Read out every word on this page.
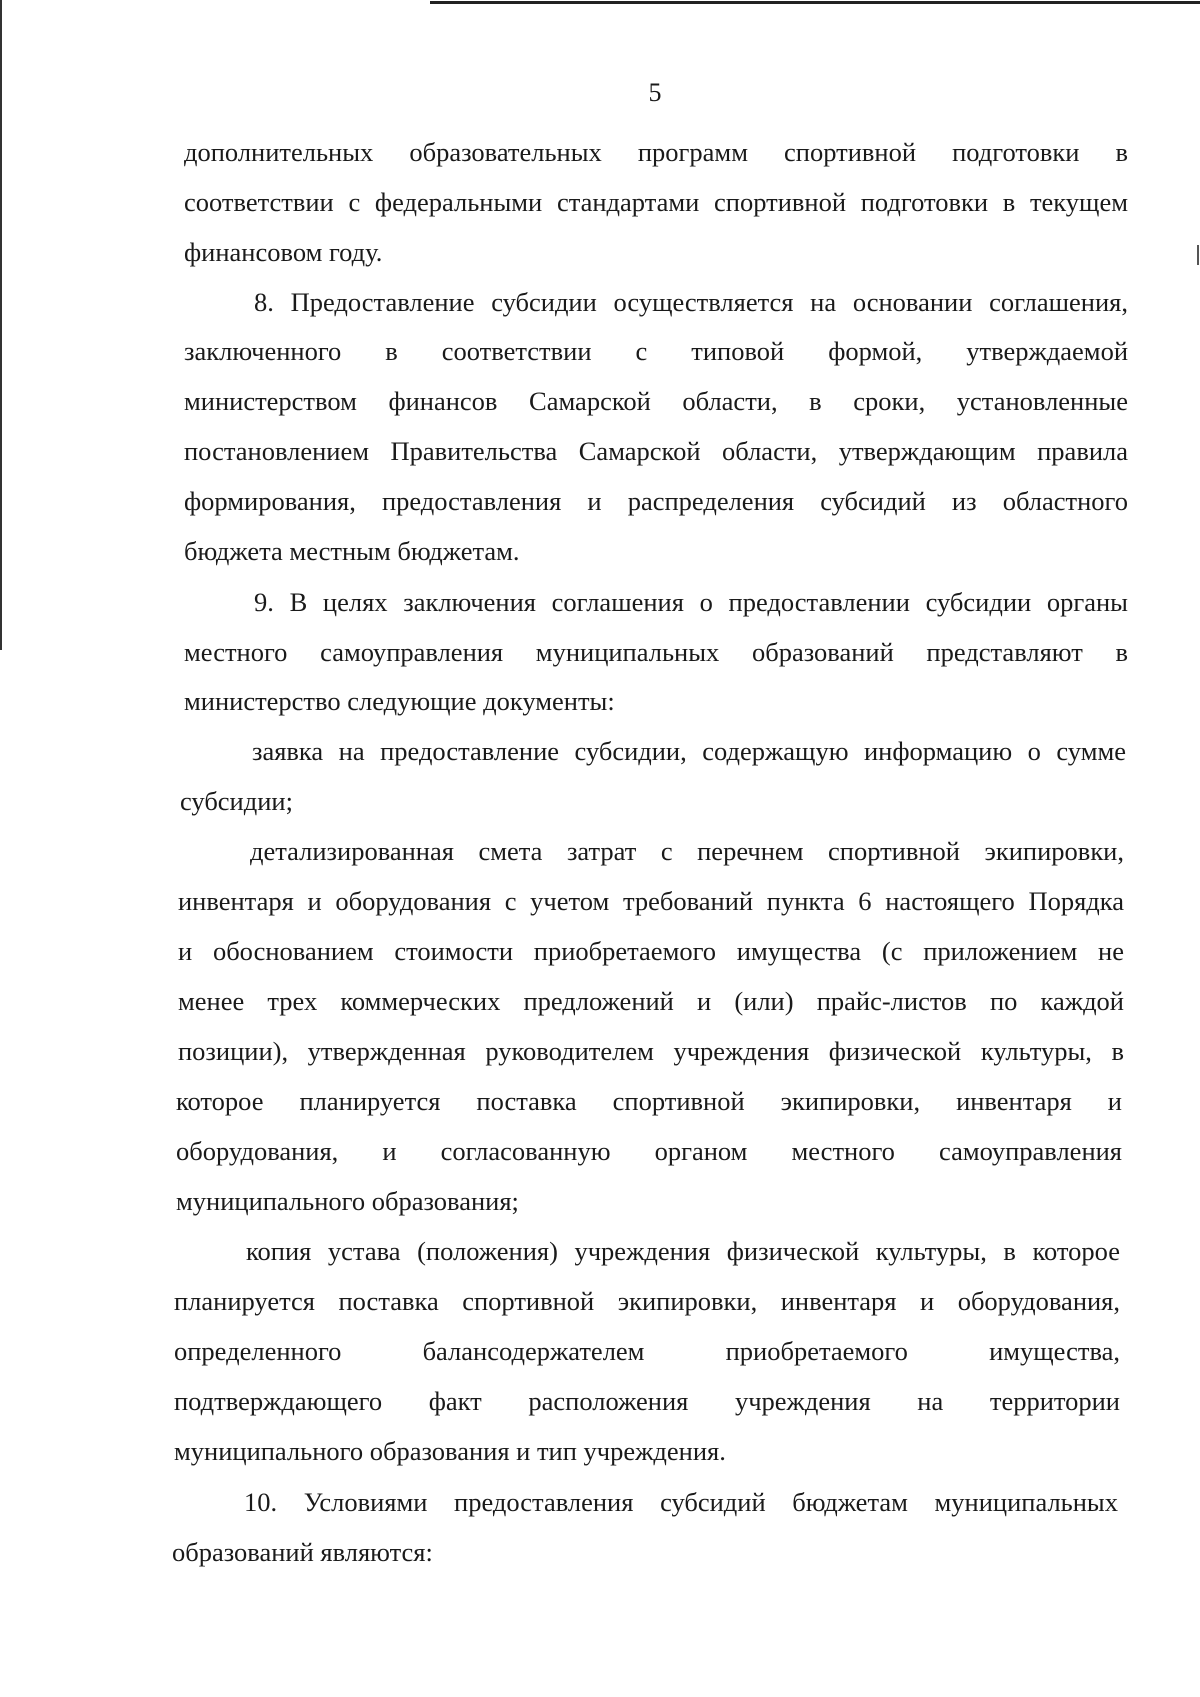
5
дополнительных образовательных программ спортивной подготовки в
соответствии с федеральными стандартами спортивной подготовки в текущем
финансовом году.
8. Предоставление субсидии осуществляется на основании соглашения,
заключенного в соответствии с типовой формой, утверждаемой
министерством финансов Самарской области, в сроки, установленные
постановлением Правительства Самарской области, утверждающим правила
формирования, предоставления и распределения субсидий из областного
бюджета местным бюджетам.
9. В целях заключения соглашения о предоставлении субсидии органы
местного самоуправления муниципальных образований представляют в
министерство следующие документы:
заявка на предоставление субсидии, содержащую информацию о сумме
субсидии;
детализированная смета затрат с перечнем спортивной экипировки,
инвентаря и оборудования с учетом требований пункта 6 настоящего Порядка
и обоснованием стоимости приобретаемого имущества (с приложением не
менее трех коммерческих предложений и (или) прайс-листов по каждой
позиции), утвержденная руководителем учреждения физической культуры, в
которое планируется поставка спортивной экипировки, инвентаря и
оборудования, и согласованную органом местного самоуправления
муниципального образования;
копия устава (положения) учреждения физической культуры, в которое
планируется поставка спортивной экипировки, инвентаря и оборудования,
определенного балансодержателем приобретаемого имущества,
подтверждающего факт расположения учреждения на территории
муниципального образования и тип учреждения.
10. Условиями предоставления субсидий бюджетам муниципальных
образований являются:
